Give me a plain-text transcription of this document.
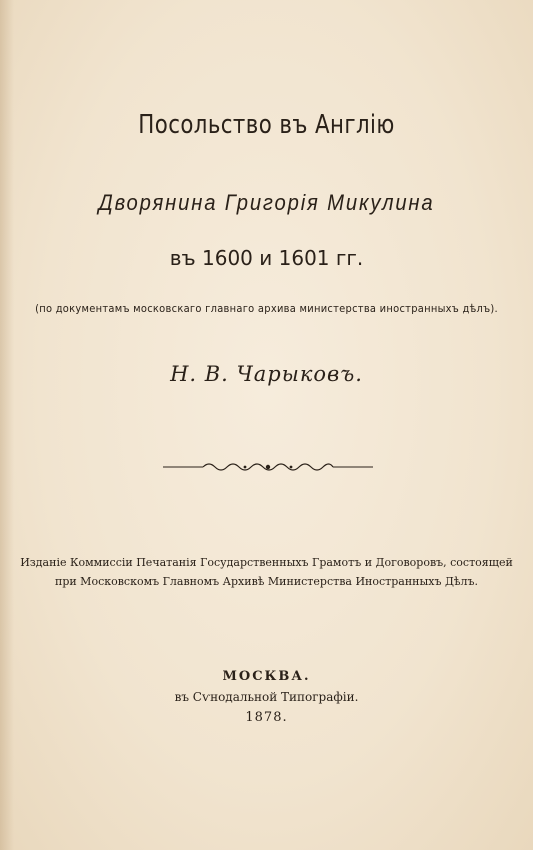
Посольство въ Англію
Дворянина Григорія Микулина
въ 1600 и 1601 гг.
(по документамъ московскаго главнаго архива министерства иностранныхъ дѣлъ).
Н. В. Чарыковъ.
Изданіе Коммиссіи Печатанія Государственныхъ Грамотъ и Договоровъ, состоящей
при Московскомъ Главномъ Архивѣ Министерства Иностранныхъ Дѣлъ.
МОСКВА.
въ Сѵнодальной Типографіи.
1878.
